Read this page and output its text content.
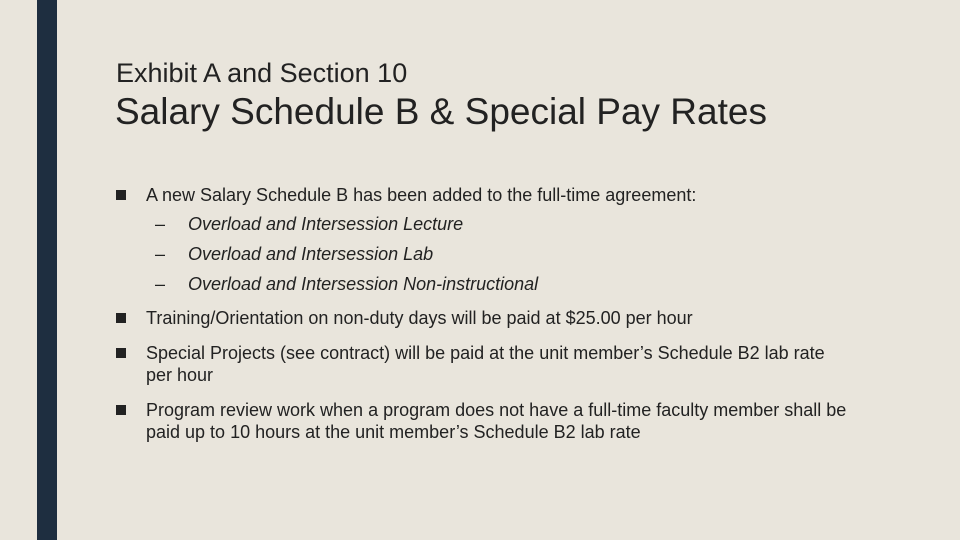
Exhibit A and Section 10
Salary Schedule B & Special Pay Rates
A new Salary Schedule B has been added to the full-time agreement:
– Overload and Intersession Lecture
– Overload and Intersession Lab
– Overload and Intersession Non-instructional
Training/Orientation on non-duty days will be paid at $25.00 per hour
Special Projects (see contract) will be paid at the unit member’s Schedule B2 lab rate per hour
Program review work when a program does not have a full-time faculty member shall be paid up to 10 hours at the unit member’s Schedule B2 lab rate
